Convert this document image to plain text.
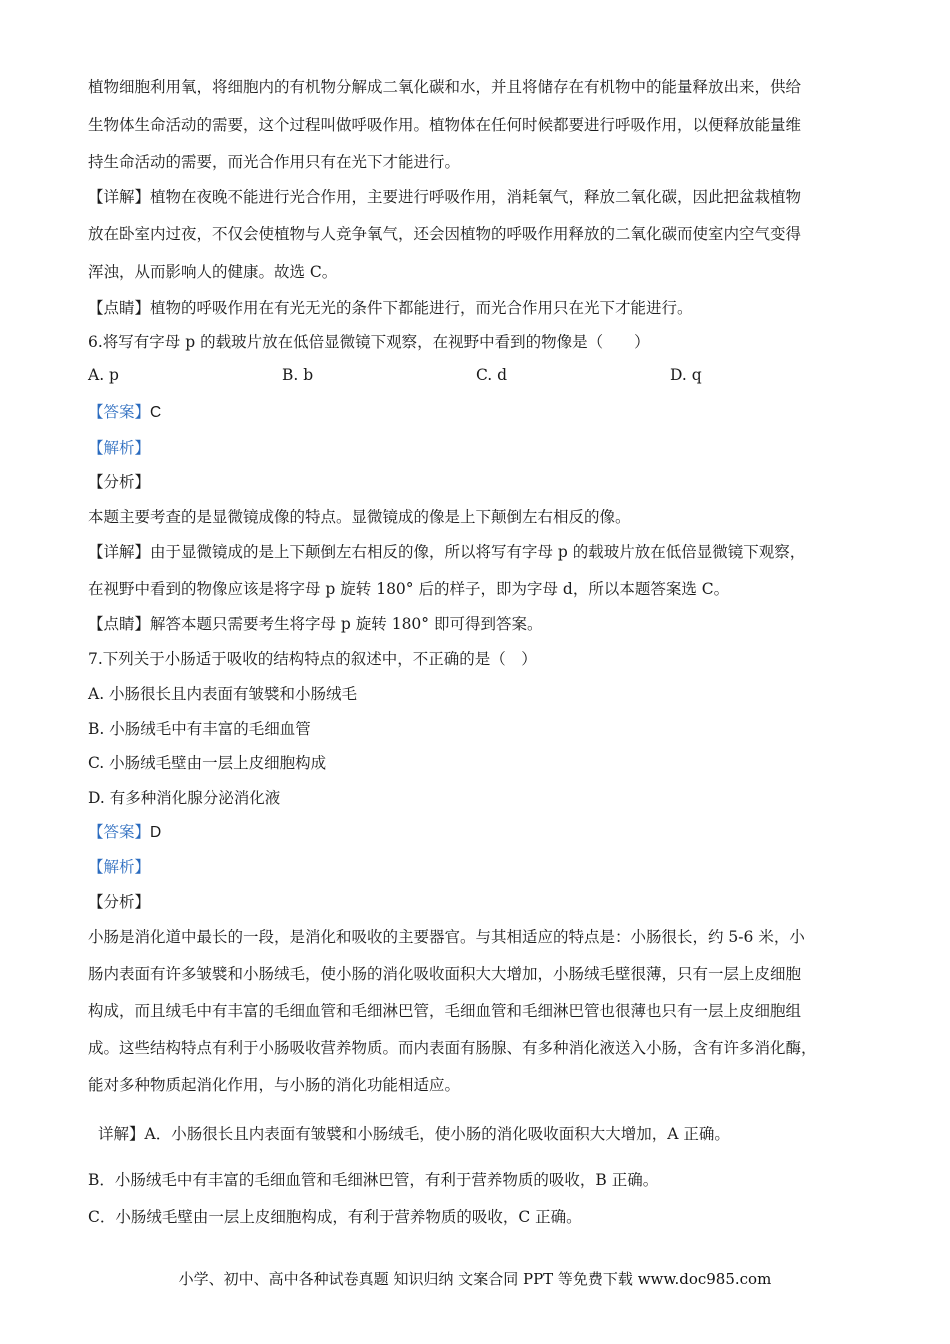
植物细胞利用氧，将细胞内的有机物分解成二氧化碳和水，并且将储存在有机物中的能量释放出来，供给
生物体生命活动的需要，这个过程叫做呼吸作用。植物体在任何时候都要进行呼吸作用，以便释放能量维
持生命活动的需要，而光合作用只有在光下才能进行。
【详解】植物在夜晚不能进行光合作用，主要进行呼吸作用，消耗氧气，释放二氧化碳，因此把盆栽植物
放在卧室内过夜，不仅会使植物与人竞争氧气，还会因植物的呼吸作用释放的二氧化碳而使室内空气变得
浑浊，从而影响人的健康。故选 C。
【点睛】植物的呼吸作用在有光无光的条件下都能进行，而光合作用只在光下才能进行。
6.将写有字母 p 的载玻片放在低倍显微镜下观察，在视野中看到的物像是（　　）
A. p	B. b	C. d	D. q
【答案】C
【解析】
【分析】
本题主要考查的是显微镜成像的特点。显微镜成的像是上下颠倒左右相反的像。
【详解】由于显微镜成的是上下颠倒左右相反的像，所以将写有字母 p 的载玻片放在低倍显微镜下观察，
在视野中看到的物像应该是将字母 p 旋转 180° 后的样子，即为字母 d，所以本题答案选 C。
【点睛】解答本题只需要考生将字母 p 旋转 180° 即可得到答案。
7.下列关于小肠适于吸收的结构特点的叙述中，不正确的是（　）
A. 小肠很长且内表面有皱襞和小肠绒毛
B. 小肠绒毛中有丰富的毛细血管
C. 小肠绒毛壁由一层上皮细胞构成
D. 有多种消化腺分泌消化液
【答案】D
【解析】
【分析】
小肠是消化道中最长的一段，是消化和吸收的主要器官。与其相适应的特点是：小肠很长，约 5-6 米，小
肠内表面有许多皱襞和小肠绒毛，使小肠的消化吸收面积大大增加，小肠绒毛壁很薄，只有一层上皮细胞
构成，而且绒毛中有丰富的毛细血管和毛细淋巴管，毛细血管和毛细淋巴管也很薄也只有一层上皮细胞组
成。这些结构特点有利于小肠吸收营养物质。而内表面有肠腺、有多种消化液送入小肠，含有许多消化酶，
能对多种物质起消化作用，与小肠的消化功能相适应。
详解】A．小肠很长且内表面有皱襞和小肠绒毛，使小肠的消化吸收面积大大增加，A 正确。
B．小肠绒毛中有丰富的毛细血管和毛细淋巴管，有利于营养物质的吸收，B 正确。
C．小肠绒毛壁由一层上皮细胞构成，有利于营养物质的吸收，C 正确。
小学、初中、高中各种试卷真题 知识归纳 文案合同 PPT 等免费下载 www.doc985.com
